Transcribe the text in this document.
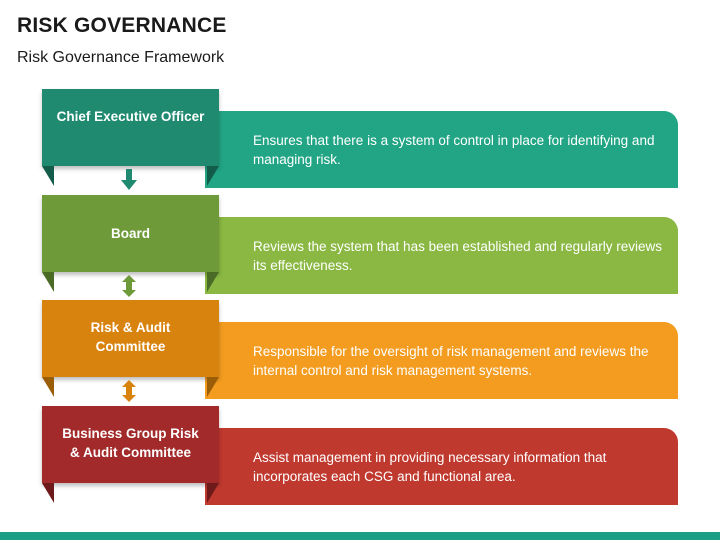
RISK GOVERNANCE
Risk Governance Framework
Ensures that there is a system of control in place for identifying and managing risk.
Chief Executive Officer
Reviews the system that has been established and regularly reviews its effectiveness.
Board
Responsible for the oversight of risk management and reviews the internal control and risk management systems.
Risk & Audit Committee
Assist management in providing necessary information that incorporates each CSG and functional area.
Business Group Risk & Audit Committee
